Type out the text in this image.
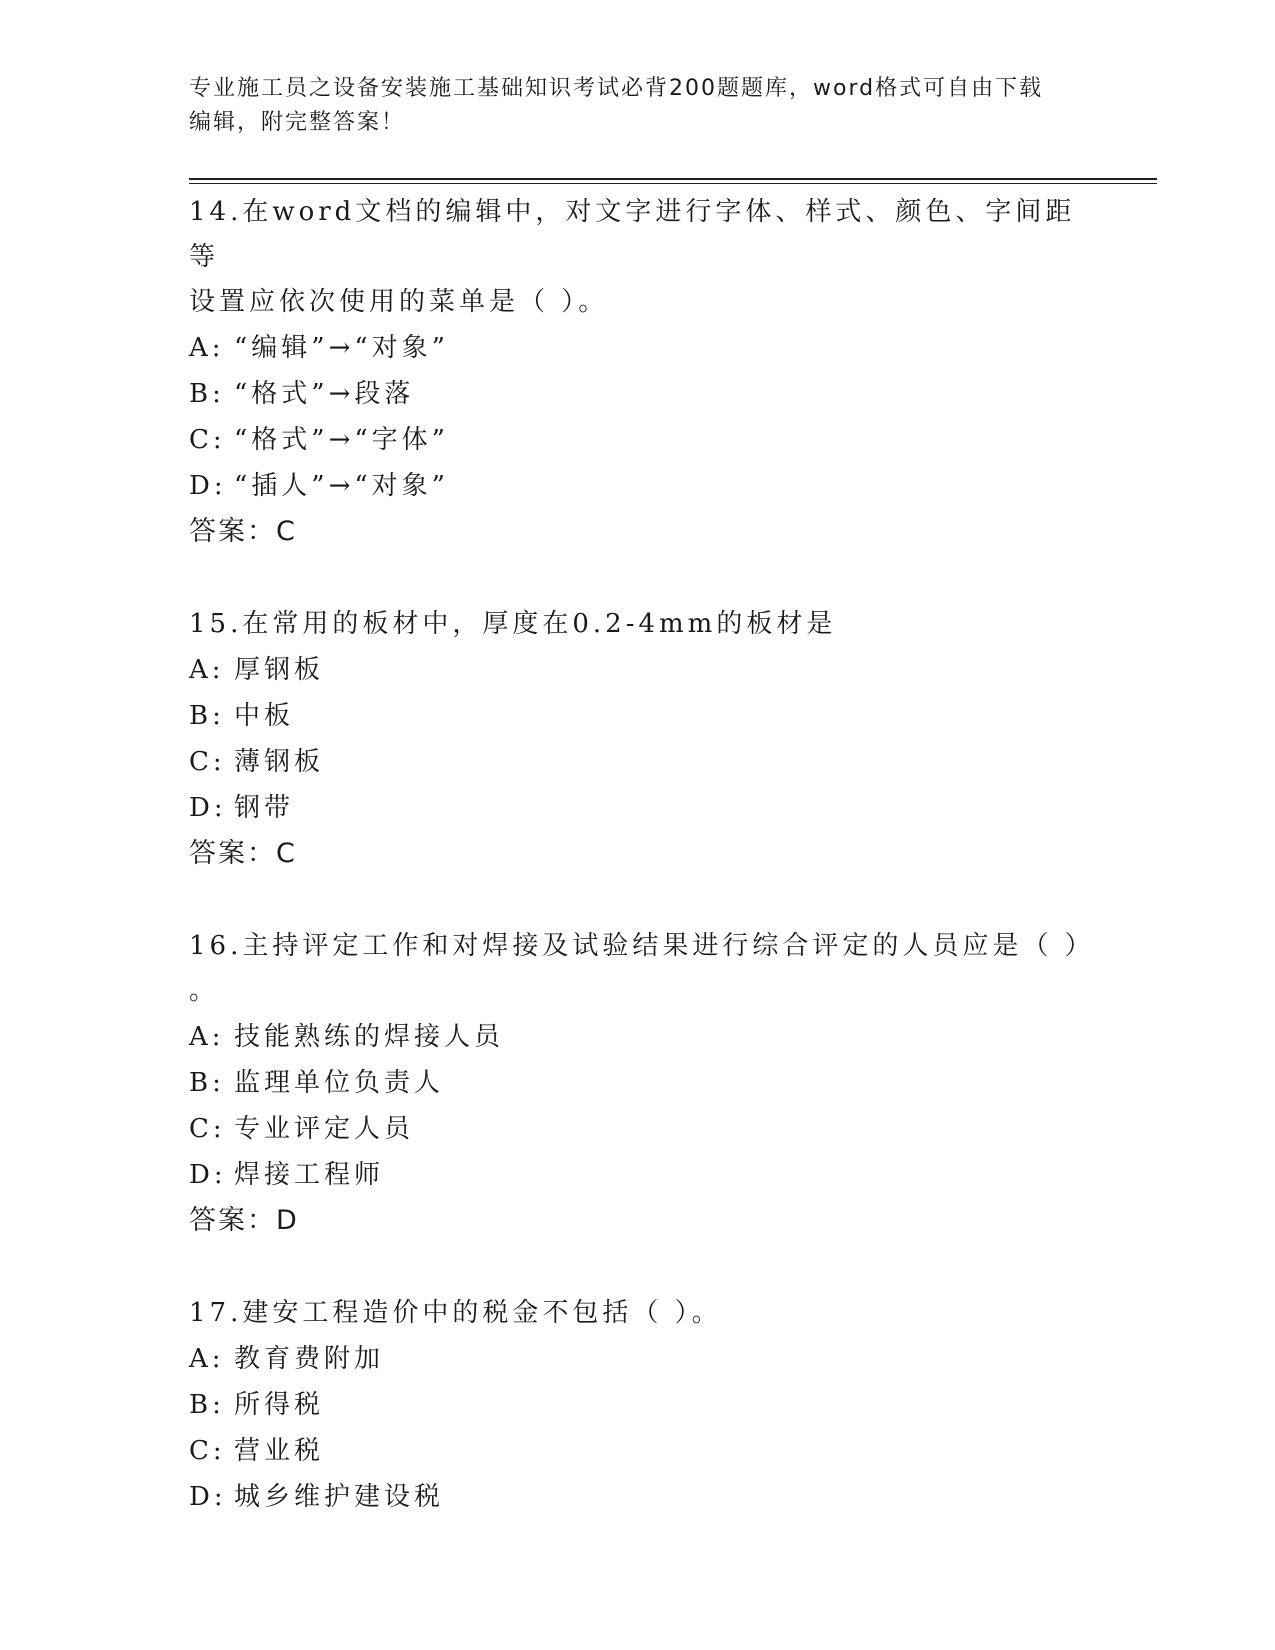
专业施工员之设备安装施工基础知识考试必背200题题库，word格式可自由下载
编辑，附完整答案！
14.在word文档的编辑中，对文字进行字体、样式、颜色、字间距等
设置应依次使用的菜单是（ ）。
A: “编辑”→“对象”
B: “格式”→段落
C: “格式”→“字体”
D: “插人”→“对象”
答案：C
15.在常用的板材中，厚度在0.2-4mm的板材是
A: 厚钢板
B: 中板
C: 薄钢板
D: 钢带
答案：C
16.主持评定工作和对焊接及试验结果进行综合评定的人员应是（ ）
。
A: 技能熟练的焊接人员
B: 监理单位负责人
C: 专业评定人员
D: 焊接工程师
答案：D
17.建安工程造价中的税金不包括（ ）。
A: 教育费附加
B: 所得税
C: 营业税
D: 城乡维护建设税
